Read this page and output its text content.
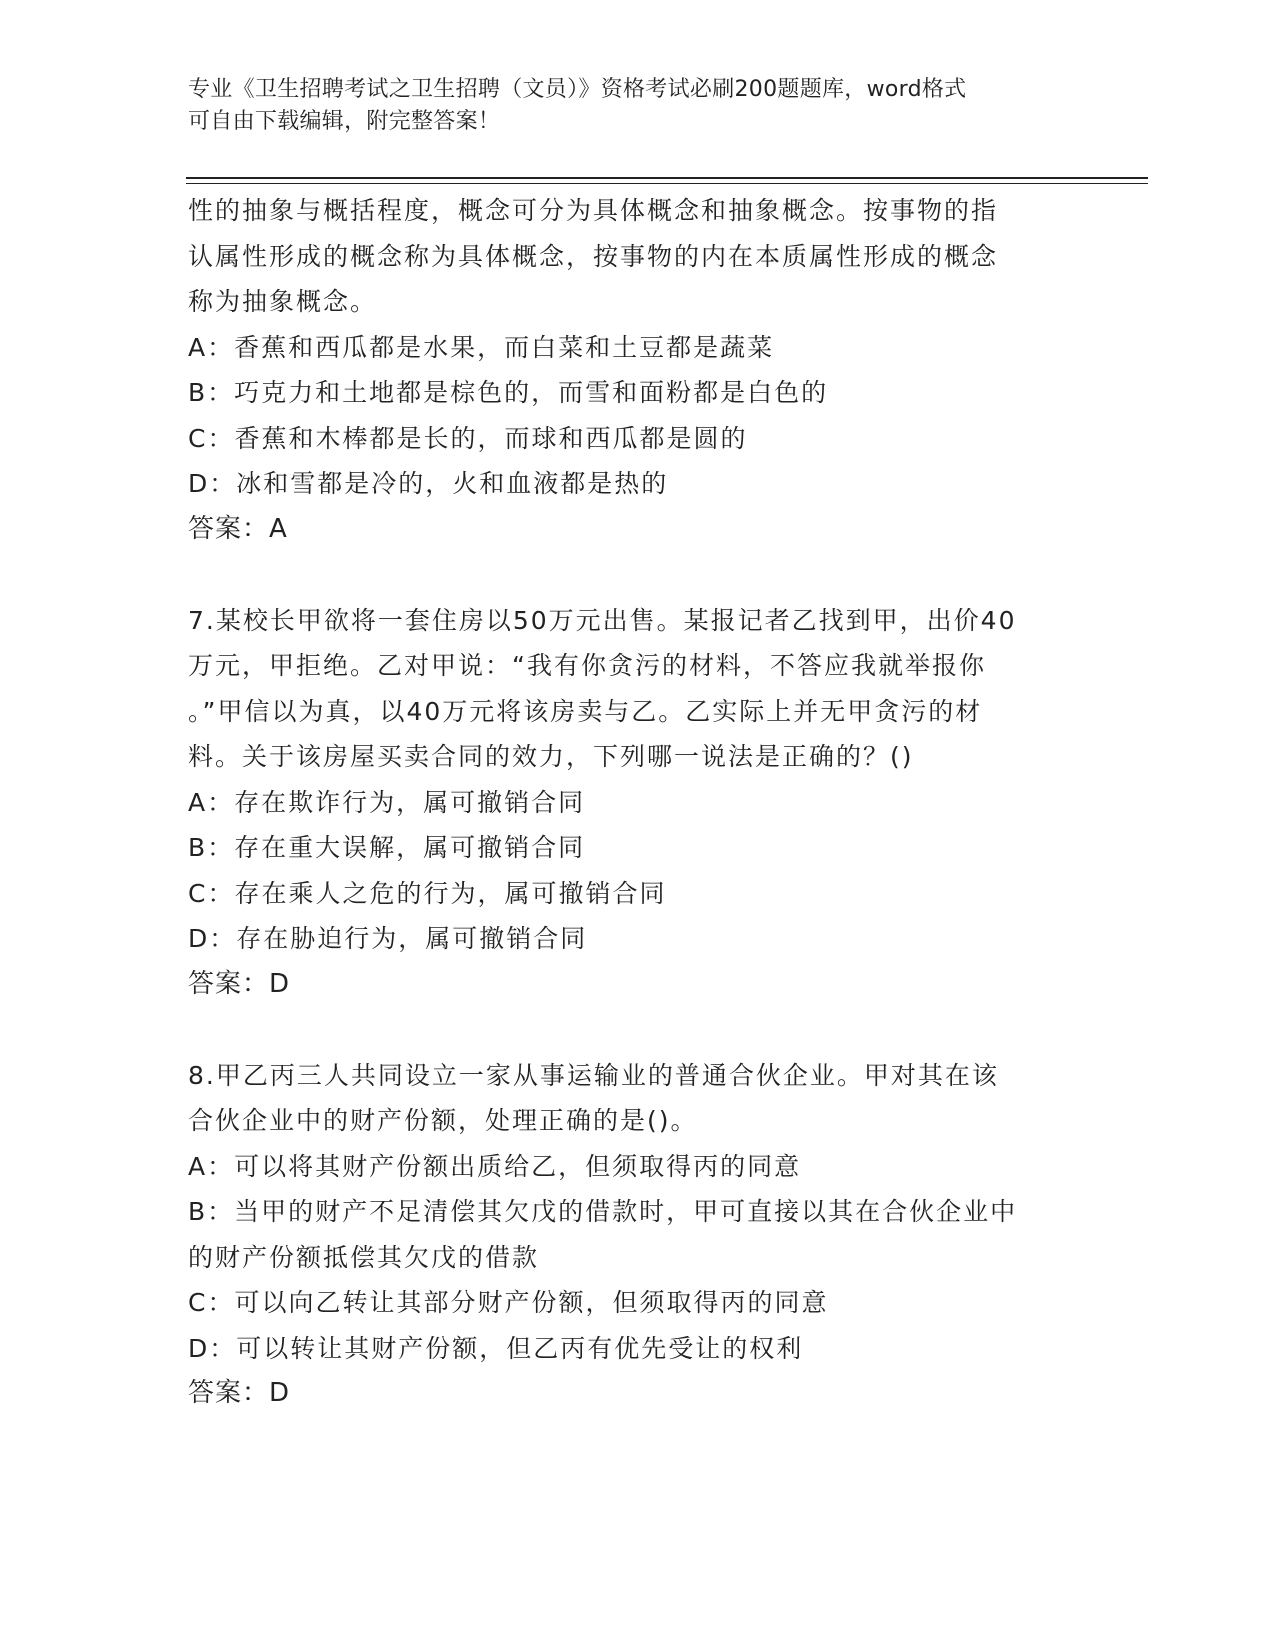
专业《卫生招聘考试之卫生招聘（文员）》资格考试必刷200题题库，word格式
可自由下载编辑，附完整答案！
性的抽象与概括程度，概念可分为具体概念和抽象概念。按事物的指
认属性形成的概念称为具体概念，按事物的内在本质属性形成的概念
称为抽象概念。
A：香蕉和西瓜都是水果，而白菜和土豆都是蔬菜
B：巧克力和土地都是棕色的，而雪和面粉都是白色的
C：香蕉和木棒都是长的，而球和西瓜都是圆的
D：冰和雪都是冷的，火和血液都是热的
答案：A
7.某校长甲欲将一套住房以50万元出售。某报记者乙找到甲，出价40
万元，甲拒绝。乙对甲说：“我有你贪污的材料，不答应我就举报你
。”甲信以为真，以40万元将该房卖与乙。乙实际上并无甲贪污的材
料。关于该房屋买卖合同的效力，下列哪一说法是正确的？()
A：存在欺诈行为，属可撤销合同
B：存在重大误解，属可撤销合同
C：存在乘人之危的行为，属可撤销合同
D：存在胁迫行为，属可撤销合同
答案：D
8.甲乙丙三人共同设立一家从事运输业的普通合伙企业。甲对其在该
合伙企业中的财产份额，处理正确的是()。
A：可以将其财产份额出质给乙，但须取得丙的同意
B：当甲的财产不足清偿其欠戊的借款时，甲可直接以其在合伙企业中
的财产份额抵偿其欠戊的借款
C：可以向乙转让其部分财产份额，但须取得丙的同意
D：可以转让其财产份额，但乙丙有优先受让的权利
答案：D
